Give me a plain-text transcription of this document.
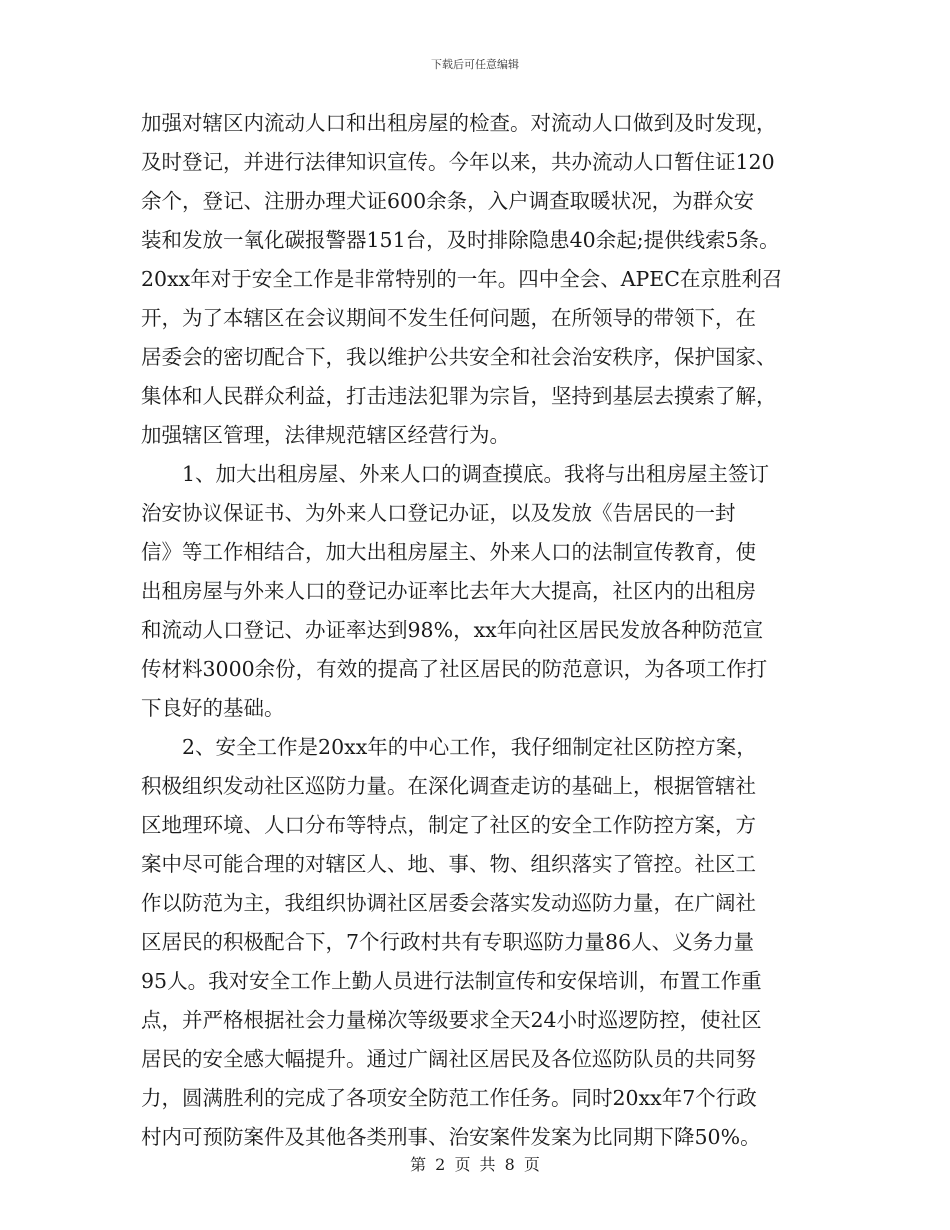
下载后可任意编辑
加强对辖区内流动人口和出租房屋的检查。对流动人口做到及时发现，
及时登记，并进行法律知识宣传。今年以来，共办流动人口暂住证120
余个，登记、注册办理犬证600余条，入户调查取暖状况，为群众安
装和发放一氧化碳报警器151台，及时排除隐患40余起;提供线索5条。
20xx年对于安全工作是非常特别的一年。四中全会、APEC在京胜利召
开，为了本辖区在会议期间不发生任何问题，在所领导的带领下，在
居委会的密切配合下，我以维护公共安全和社会治安秩序，保护国家、
集体和人民群众利益，打击违法犯罪为宗旨，坚持到基层去摸索了解，
加强辖区管理，法律规范辖区经营行为。
1、加大出租房屋、外来人口的调查摸底。我将与出租房屋主签订
治安协议保证书、为外来人口登记办证，以及发放《告居民的一封
信》等工作相结合，加大出租房屋主、外来人口的法制宣传教育，使
出租房屋与外来人口的登记办证率比去年大大提高，社区内的出租房
和流动人口登记、办证率达到98%，xx年向社区居民发放各种防范宣
传材料3000余份，有效的提高了社区居民的防范意识，为各项工作打
下良好的基础。
2、安全工作是20xx年的中心工作，我仔细制定社区防控方案，
积极组织发动社区巡防力量。在深化调查走访的基础上，根据管辖社
区地理环境、人口分布等特点，制定了社区的安全工作防控方案，方
案中尽可能合理的对辖区人、地、事、物、组织落实了管控。社区工
作以防范为主，我组织协调社区居委会落实发动巡防力量，在广阔社
区居民的积极配合下，7个行政村共有专职巡防力量86人、义务力量
95人。我对安全工作上勤人员进行法制宣传和安保培训，布置工作重
点，并严格根据社会力量梯次等级要求全天24小时巡逻防控，使社区
居民的安全感大幅提升。通过广阔社区居民及各位巡防队员的共同努
力，圆满胜利的完成了各项安全防范工作任务。同时20xx年7个行政
村内可预防案件及其他各类刑事、治安案件发案为比同期下降50%。
第 2 页 共 8 页
